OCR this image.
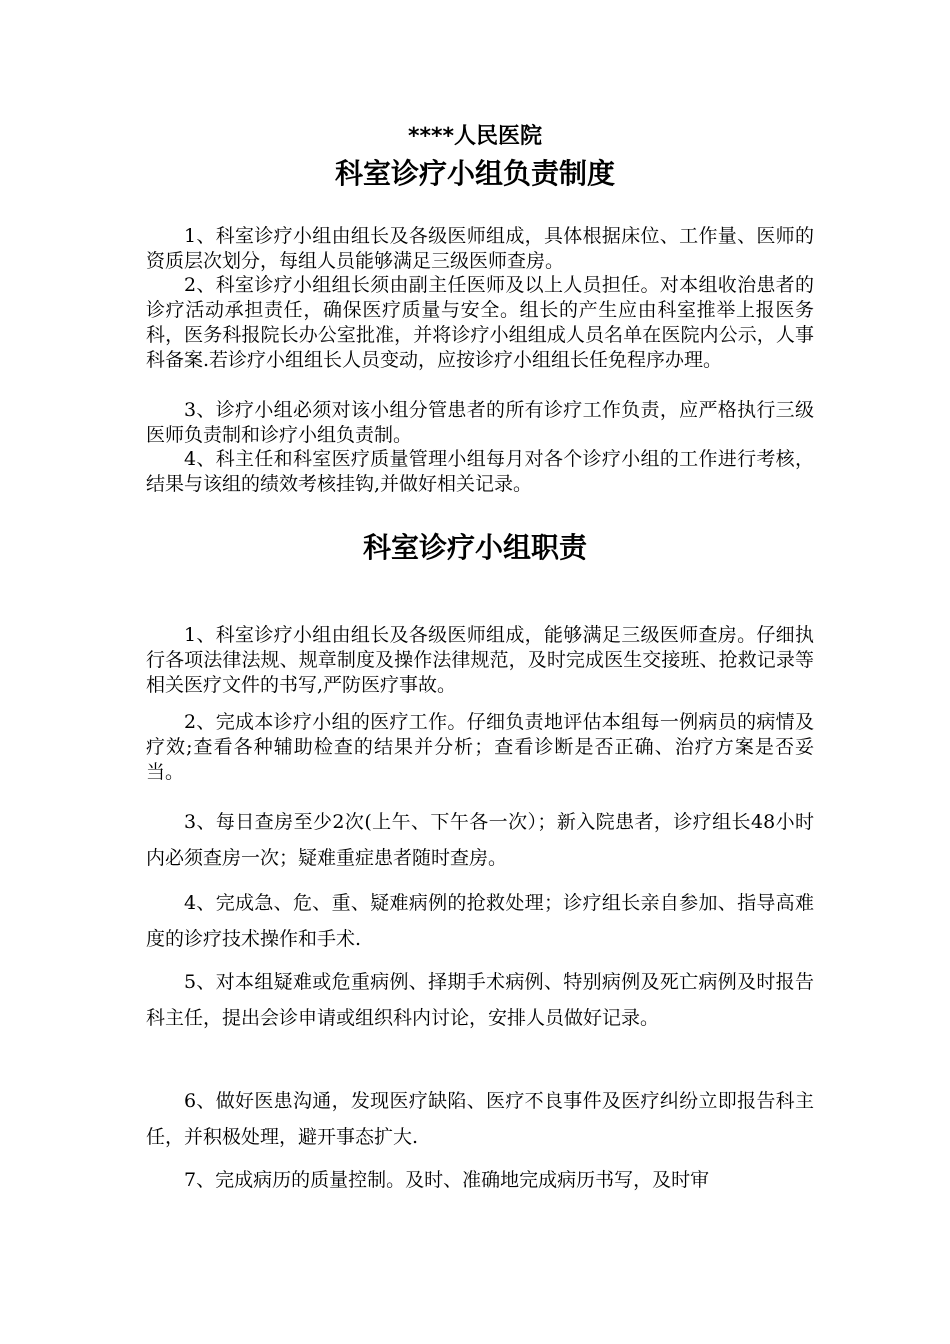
****人民医院
科室诊疗小组负责制度

1、科室诊疗小组由组长及各级医师组成，具体根据床位、工作量、医师的资质层次划分，每组人员能够满足三级医师查房。

2、科室诊疗小组组长须由副主任医师及以上人员担任。对本组收治患者的诊疗活动承担责任，确保医疗质量与安全。组长的产生应由科室推举上报医务科，医务科报院长办公室批准，并将诊疗小组组成人员名单在医院内公示，人事科备案.若诊疗小组组长人员变动，应按诊疗小组组长任免程序办理。

3、诊疗小组必须对该小组分管患者的所有诊疗工作负责，应严格执行三级医师负责制和诊疗小组负责制。

4、科主任和科室医疗质量管理小组每月对各个诊疗小组的工作进行考核，结果与该组的绩效考核挂钩,并做好相关记录。

科室诊疗小组职责

1、科室诊疗小组由组长及各级医师组成，能够满足三级医师查房。仔细执行各项法律法规、规章制度及操作法律规范，及时完成医生交接班、抢救记录等相关医疗文件的书写,严防医疗事故。

2、完成本诊疗小组的医疗工作。仔细负责地评估本组每一例病员的病情及疗效;查看各种辅助检查的结果并分析；查看诊断是否正确、治疗方案是否妥当。

3、每日查房至少2次(上午、下午各一次）；新入院患者，诊疗组长48小时内必须查房一次；疑难重症患者随时查房。

4、完成急、危、重、疑难病例的抢救处理；诊疗组长亲自参加、指导高难度的诊疗技术操作和手术.

5、对本组疑难或危重病例、择期手术病例、特别病例及死亡病例及时报告科主任，提出会诊申请或组织科内讨论，安排人员做好记录。

6、做好医患沟通，发现医疗缺陷、医疗不良事件及医疗纠纷立即报告科主任，并积极处理，避开事态扩大.

7、完成病历的质量控制。及时、准确地完成病历书写，及时审
